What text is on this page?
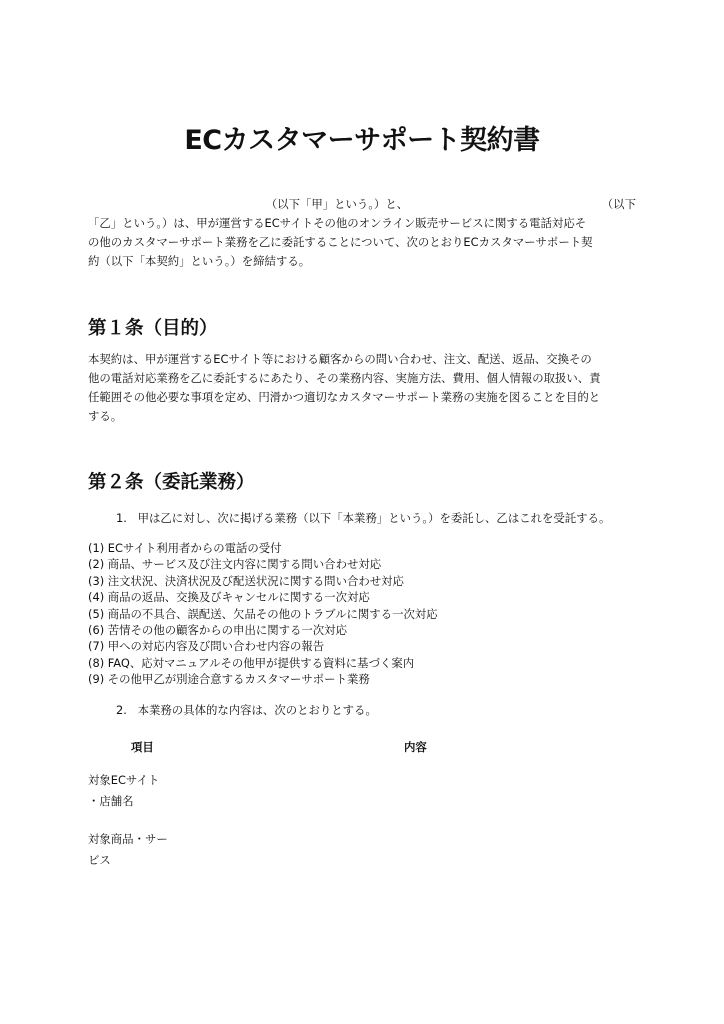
ECカスタマーサポート契約書
（以下「甲」という。）と、	（以下
「乙」という。）は、甲が運営するECサイトその他のオンライン販売サービスに関する電話対応そ
の他のカスタマーサポート業務を乙に委託することについて、次のとおりECカスタマーサポート契
約（以下「本契約」という。）を締結する。
第１条（目的）
本契約は、甲が運営するECサイト等における顧客からの問い合わせ、注文、配送、返品、交換その
他の電話対応業務を乙に委託するにあたり、その業務内容、実施方法、費用、個人情報の取扱い、責
任範囲その他必要な事項を定め、円滑かつ適切なカスタマーサポート業務の実施を図ることを目的と
する。
第２条（委託業務）
1. 甲は乙に対し、次に掲げる業務（以下「本業務」という。）を委託し、乙はこれを受託する。
(1) ECサイト利用者からの電話の受付
(2) 商品、サービス及び注文内容に関する問い合わせ対応
(3) 注文状況、決済状況及び配送状況に関する問い合わせ対応
(4) 商品の返品、交換及びキャンセルに関する一次対応
(5) 商品の不具合、誤配送、欠品その他のトラブルに関する一次対応
(6) 苦情その他の顧客からの申出に関する一次対応
(7) 甲への対応内容及び問い合わせ内容の報告
(8) FAQ、応対マニュアルその他甲が提供する資料に基づく案内
(9) その他甲乙が別途合意するカスタマーサポート業務
2. 本業務の具体的な内容は、次のとおりとする。
項目	内容
対象ECサイト
・店舗名
対象商品・サー
ビス
